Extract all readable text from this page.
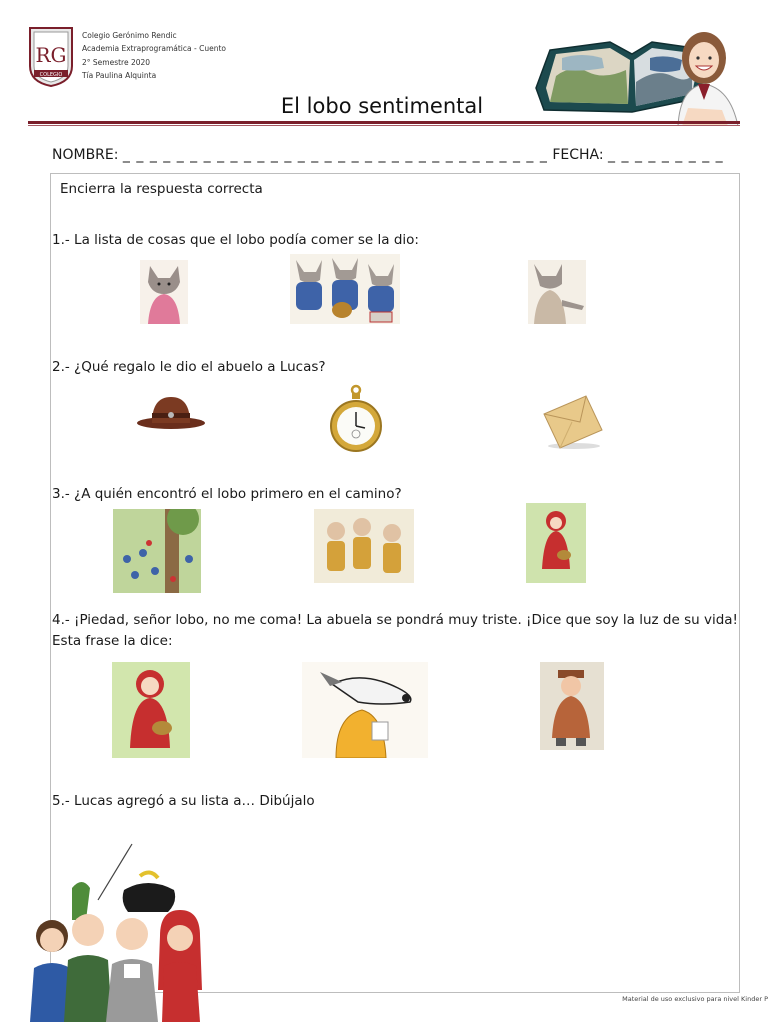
RG
COLEGIO
Colegio Gerónimo Rendic
Academia Extraprogramática - Cuento
2° Semestre 2020
Tía Paulina Alquinta
El lobo sentimental
NOMBRE: _ _ _ _ _ _ _ _ _ _ _ _ _ _ _ _ _ _ _ _ _ _ _ _ _ _ _ _ _ _ _ _ FECHA: _ _ _ _ _ _ _ _ _
Encierra la respuesta correcta
1.- La lista de cosas que el lobo podía comer se la dio:
2.- ¿Qué regalo le dio el abuelo a Lucas?
3.- ¿A quién encontró el lobo primero en el camino?
4.- ¡Piedad, señor lobo, no me coma! La abuela se pondrá muy triste. ¡Dice que soy la luz de su vida!
Esta frase la dice:
5.- Lucas agregó a su lista a… Dibújalo
Material de uso exclusivo para nivel Kinder P
